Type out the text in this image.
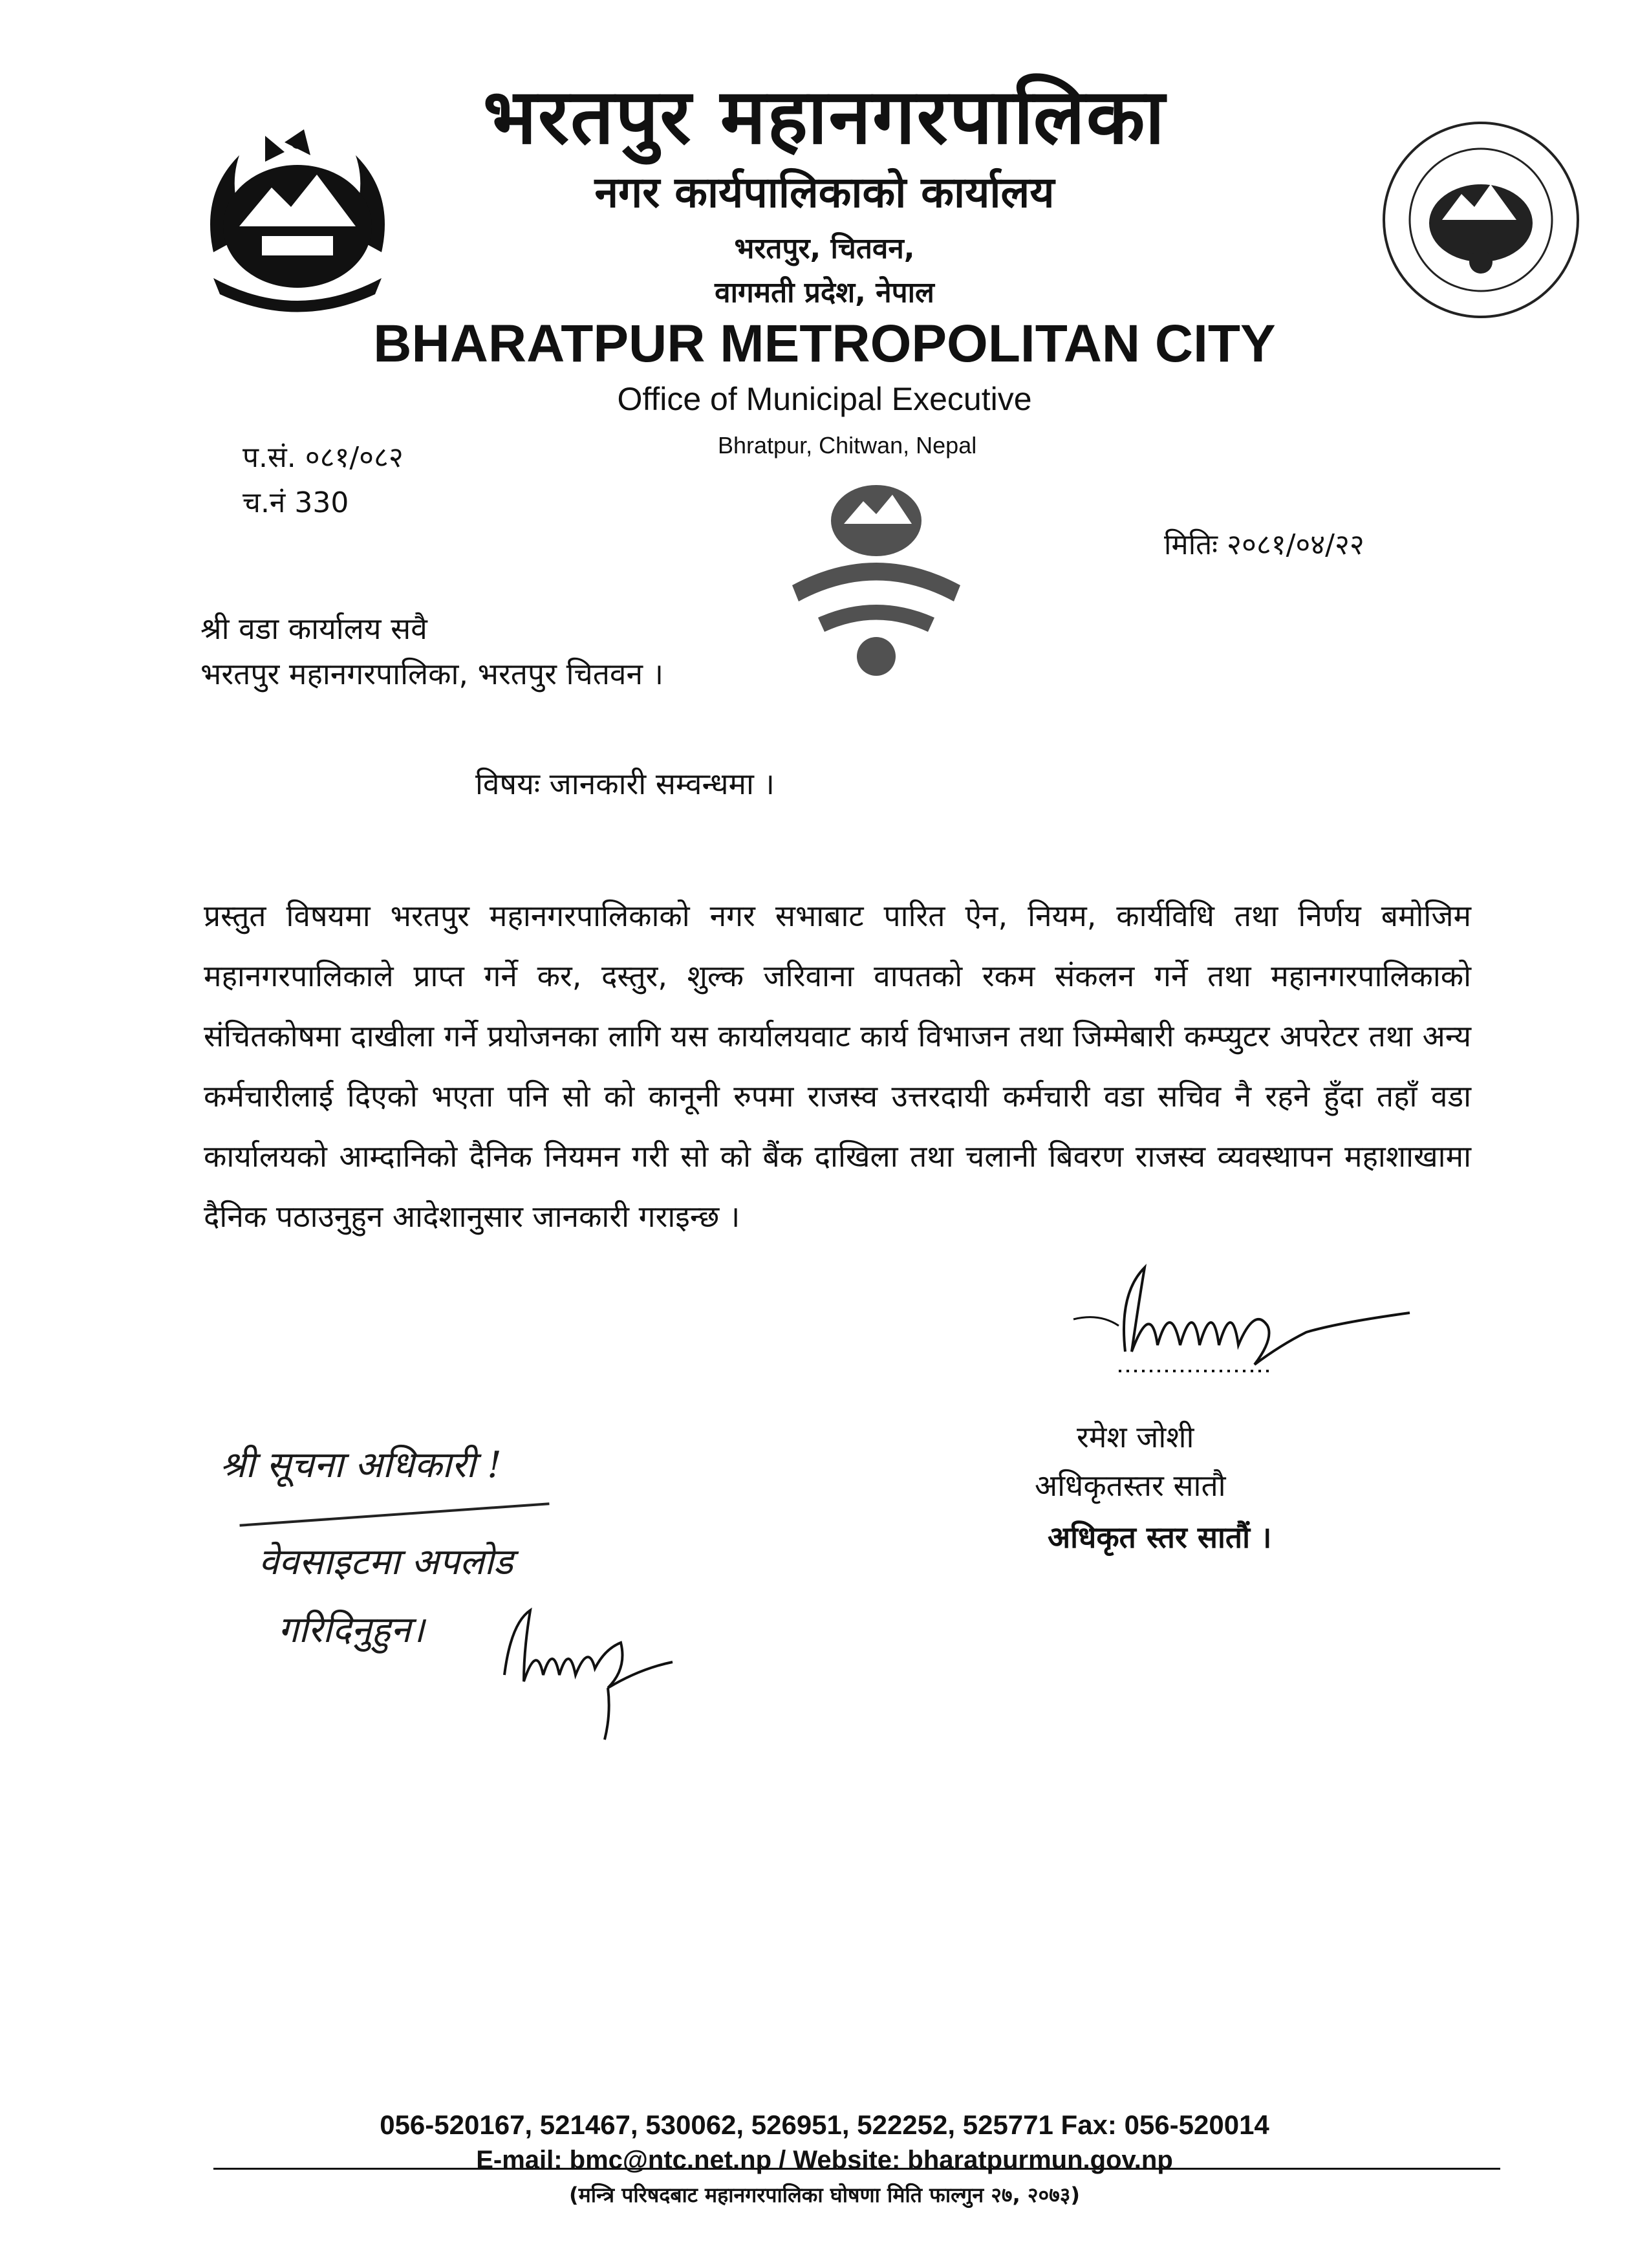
भरतपुर महानगरपालिका
नगर कार्यपालिकाको कार्यालय
भरतपुर, चितवन,
वागमती प्रदेश, नेपाल
BHARATPUR METROPOLITAN CITY
Office of Municipal Executive
Bhratpur, Chitwan, Nepal
प.सं. ०८१/०८२
च.नं 330
मितिः २०८१/०४/२२
श्री वडा कार्यालय सवै
भरतपुर महानगरपालिका, भरतपुर चितवन ।
विषयः जानकारी सम्वन्धमा ।
प्रस्तुत विषयमा भरतपुर महानगरपालिकाको नगर सभाबाट पारित ऐन, नियम, कार्यविधि तथा निर्णय बमोजिम महानगरपालिकाले प्राप्त गर्ने कर, दस्तुर, शुल्क जरिवाना वापतको रकम संकलन गर्ने तथा महानगरपालिकाको संचितकोषमा दाखीला गर्ने प्रयोजनका लागि यस कार्यालयवाट कार्य विभाजन तथा जिम्मेबारी कम्प्युटर अपरेटर तथा अन्य कर्मचारीलाई दिएको भएता पनि सो को कानूनी रुपमा राजस्व उत्तरदायी कर्मचारी वडा सचिव नै रहने हुँदा तहाँ वडा कार्यालयको आम्दानिको दैनिक नियमन गरी सो को बैंक दाखिला तथा चलानी बिवरण राजस्व व्यवस्थापन महाशाखामा दैनिक पठाउनुहुन आदेशानुसार जानकारी गराइन्छ ।
रमेश जोशी
अधिकृतस्तर सातौ
अधिकृत स्तर सातौं ।
श्री सूचना अधिकारी !
वेवसाइटमा अपलोड
गरिदिनुहुन।
056-520167, 521467, 530062, 526951, 522252, 525771 Fax: 056-520014
E-mail: bmc@ntc.net.np / Website: bharatpurmun.gov.np
(मन्त्रि परिषदबाट महानगरपालिका घोषणा मिति फाल्गुन २७, २०७३)
